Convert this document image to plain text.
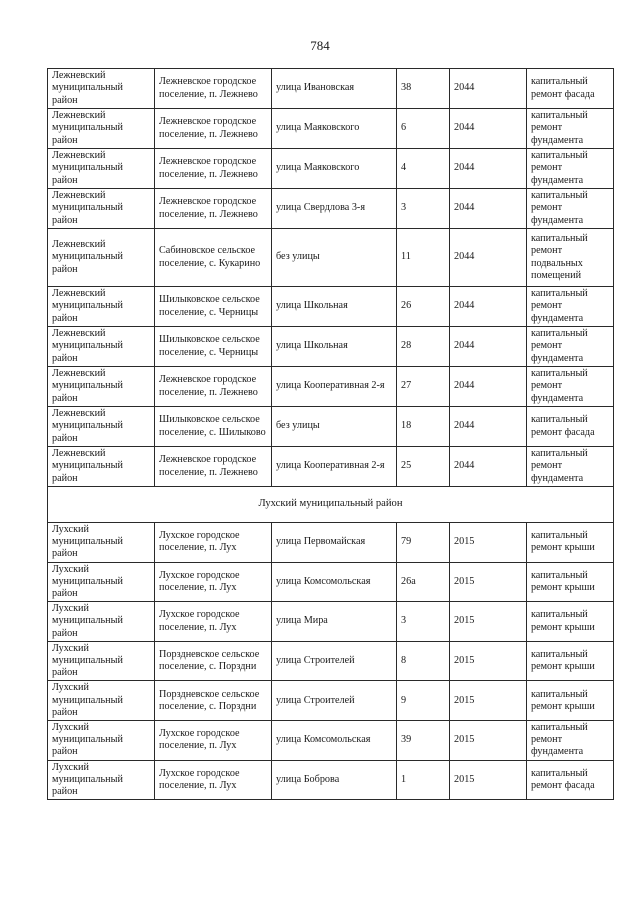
784
Лежневский муниципальный район	Лежневское городское поселение, п. Лежнево	улица Ивановская	38	2044	капитальный ремонт фасада
Лежневский муниципальный район	Лежневское городское поселение, п. Лежнево	улица Маяковского	6	2044	капитальный ремонт фундамента
Лежневский муниципальный район	Лежневское городское поселение, п. Лежнево	улица Маяковского	4	2044	капитальный ремонт фундамента
Лежневский муниципальный район	Лежневское городское поселение, п. Лежнево	улица Свердлова 3-я	3	2044	капитальный ремонт фундамента
Лежневский муниципальный район	Сабиновское сельское поселение, с. Кукарино	без улицы	11	2044	капитальный ремонт подвальных помещений
Лежневский муниципальный район	Шилыковское сельское поселение, с. Черницы	улица Школьная	26	2044	капитальный ремонт фундамента
Лежневский муниципальный район	Шилыковское сельское поселение, с. Черницы	улица Школьная	28	2044	капитальный ремонт фундамента
Лежневский муниципальный район	Лежневское городское поселение, п. Лежнево	улица Кооперативная 2-я	27	2044	капитальный ремонт фундамента
Лежневский муниципальный район	Шилыковское сельское поселение, с. Шилыково	без улицы	18	2044	капитальный ремонт фасада
Лежневский муниципальный район	Лежневское городское поселение, п. Лежнево	улица Кооперативная 2-я	25	2044	капитальный ремонт фундамента
Лухский муниципальный район					
Лухский муниципальный район	Лухское городское поселение, п. Лух	улица Первомайская	79	2015	капитальный ремонт крыши
Лухский муниципальный район	Лухское городское поселение, п. Лух	улица Комсомольская	26а	2015	капитальный ремонт крыши
Лухский муниципальный район	Лухское городское поселение, п. Лух	улица Мира	3	2015	капитальный ремонт крыши
Лухский муниципальный район	Порздневское сельское поселение, с. Порздни	улица Строителей	8	2015	капитальный ремонт крыши
Лухский муниципальный район	Порздневское сельское поселение, с. Порздни	улица Строителей	9	2015	капитальный ремонт крыши
Лухский муниципальный район	Лухское городское поселение, п. Лух	улица Комсомольская	39	2015	капитальный ремонт фундамента
Лухский муниципальный район	Лухское городское поселение, п. Лух	улица Боброва	1	2015	капитальный ремонт фасада
